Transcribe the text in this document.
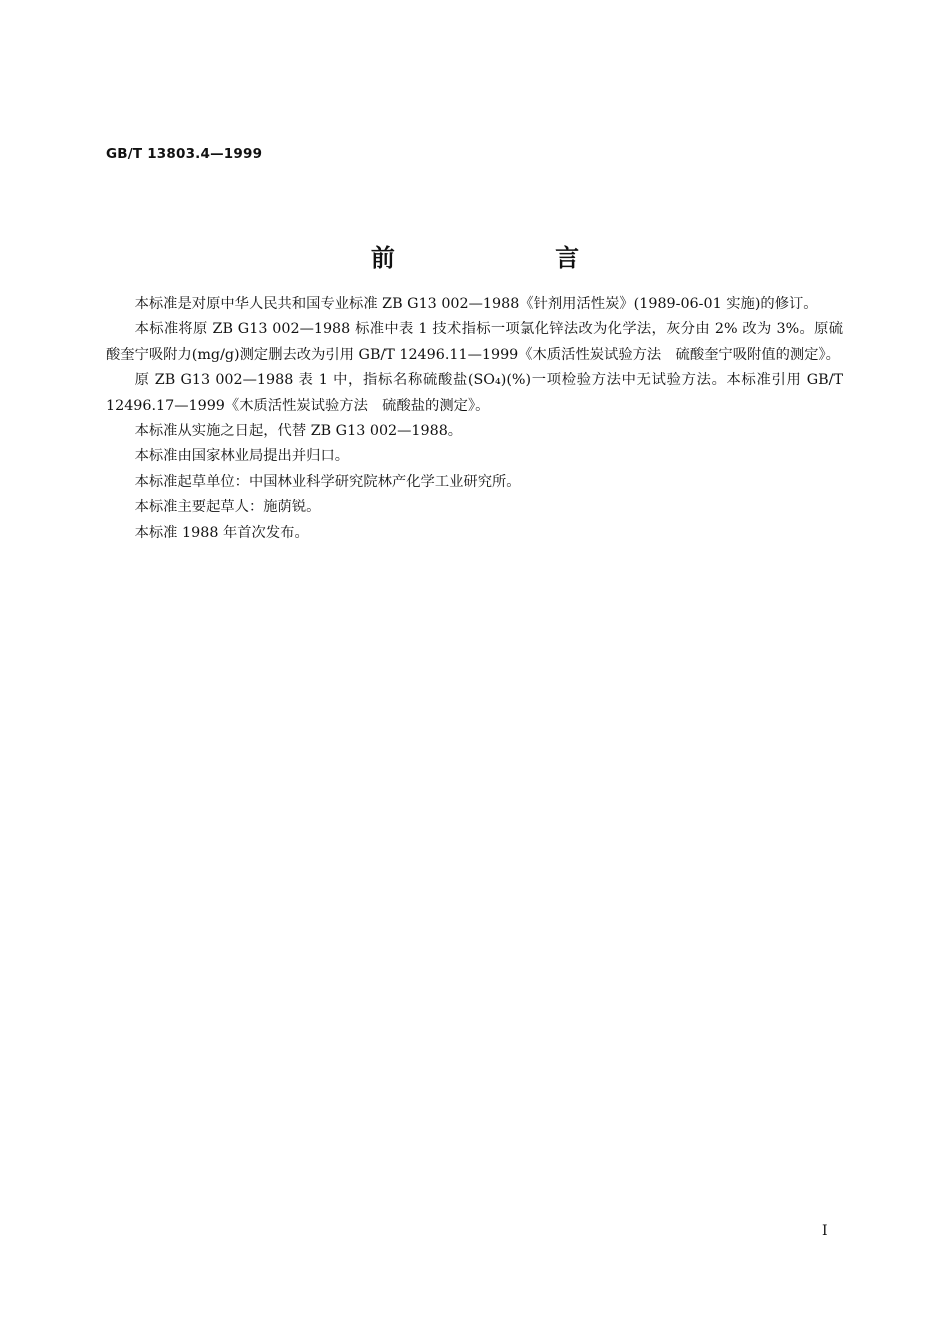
GB/T 13803.4—1999
前 言

本标准是对原中华人民共和国专业标准 ZB G13 002—1988《针剂用活性炭》(1989-06-01 实施)的修订。

本标准将原 ZB G13 002—1988 标准中表 1 技术指标一项氯化锌法改为化学法，灰分由 2% 改为 3%。原硫酸奎宁吸附力(mg/g)测定删去改为引用 GB/T 12496.11—1999《木质活性炭试验方法　硫酸奎宁吸附值的测定》。

原 ZB G13 002—1988 表 1 中，指标名称硫酸盐(SO₄)(%)一项检验方法中无试验方法。本标准引用 GB/T 12496.17—1999《木质活性炭试验方法　硫酸盐的测定》。

本标准从实施之日起，代替 ZB G13 002—1988。

本标准由国家林业局提出并归口。

本标准起草单位：中国林业科学研究院林产化学工业研究所。

本标准主要起草人：施荫锐。

本标准 1988 年首次发布。

I
